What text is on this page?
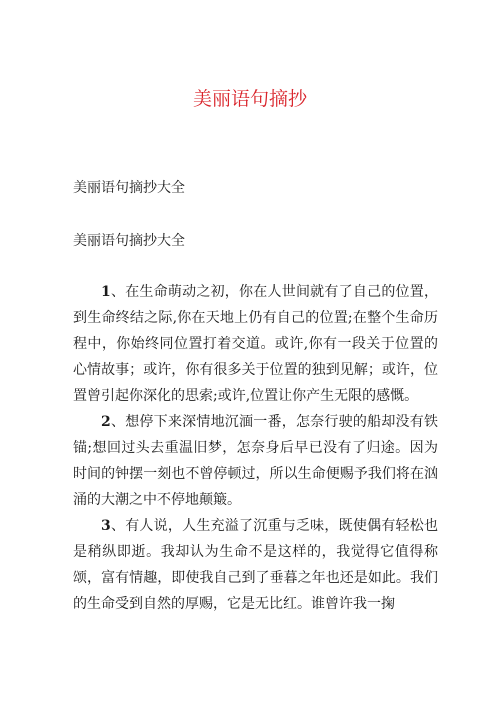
美丽语句摘抄
美丽语句摘抄大全
美丽语句摘抄大全

1、在生命萌动之初，你在人世间就有了自己的位置，到生命终结之际,你在天地上仍有自己的位置;在整个生命历程中，你始终同位置打着交道。或许,你有一段关于位置的心情故事；或许，你有很多关于位置的独到见解；或许，位置曾引起你深化的思索;或许,位置让你产生无限的感慨。

2、想停下来深情地沉湎一番，怎奈行驶的船却没有铁锚;想回过头去重温旧梦，怎奈身后早已没有了归途。因为时间的钟摆一刻也不曾停顿过，所以生命便赐予我们将在汹涌的大潮之中不停地颠簸。

3、有人说，人生充溢了沉重与乏味，既使偶有轻松也是稍纵即逝。我却认为生命不是这样的，我觉得它值得称颂，富有情趣，即使我自己到了垂暮之年也还是如此。我们的生命受到自然的厚赐，它是无比红。谁曾许我一掬
